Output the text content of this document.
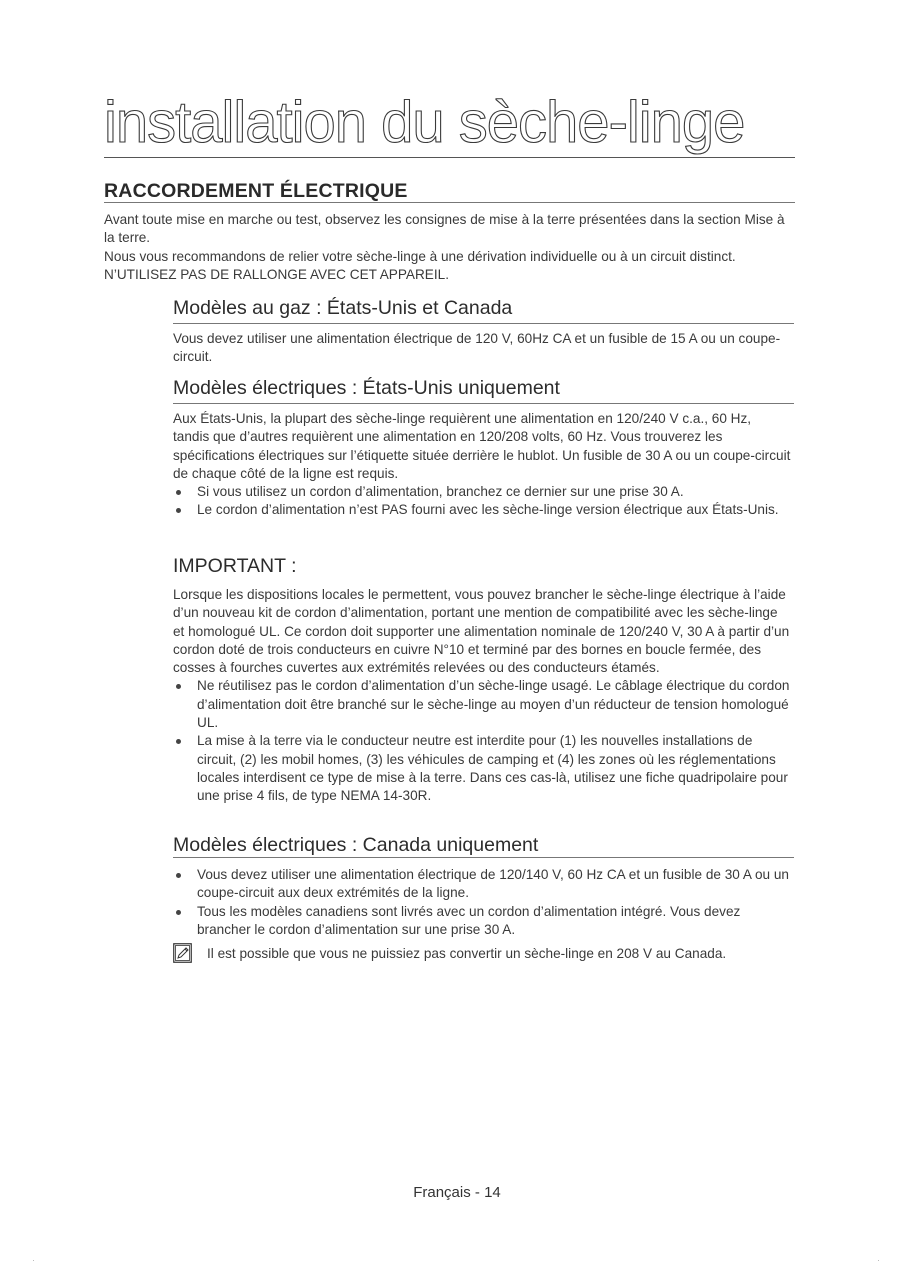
installation du sèche-linge
RACCORDEMENT ÉLECTRIQUE

Avant toute mise en marche ou test, observez les consignes de mise à la terre présentées dans la section Mise à la terre.

Nous vous recommandons de relier votre sèche-linge à une dérivation individuelle ou à un circuit distinct.

N’UTILISEZ PAS DE RALLONGE AVEC CET APPAREIL.

Modèles au gaz : États-Unis et Canada

Vous devez utiliser une alimentation électrique de 120 V, 60Hz CA et un fusible de 15 A ou un coupe-circuit.

Modèles électriques : États-Unis uniquement

Aux États-Unis, la plupart des sèche-linge requièrent une alimentation en 120/240 V c.a., 60 Hz, tandis que d’autres requièrent une alimentation en 120/208 volts, 60 Hz. Vous trouverez les spécifications électriques sur l’étiquette située derrière le hublot. Un fusible de 30 A ou un coupe-circuit de chaque côté de la ligne est requis.

Si vous utilisez un cordon d’alimentation, branchez ce dernier sur une prise 30 A.
Le cordon d’alimentation n’est PAS fourni avec les sèche-linge version électrique aux États-Unis.
IMPORTANT :

Lorsque les dispositions locales le permettent, vous pouvez brancher le sèche-linge électrique à l’aide d’un nouveau kit de cordon d’alimentation, portant une mention de compatibilité avec les sèche-linge et homologué UL. Ce cordon doit supporter une alimentation nominale de 120/240 V, 30 A à partir d’un cordon doté de trois conducteurs en cuivre N°10 et terminé par des bornes en boucle fermée, des cosses à fourches cuvertes aux extrémités relevées ou des conducteurs étamés.

Ne réutilisez pas le cordon d’alimentation d’un sèche-linge usagé. Le câblage électrique du cordon d’alimentation doit être branché sur le sèche-linge au moyen d’un réducteur de tension homologué UL.
La mise à la terre via le conducteur neutre est interdite pour (1) les nouvelles installations de circuit, (2) les mobil homes, (3) les véhicules de camping et (4) les zones où les réglementations locales interdisent ce type de mise à la terre. Dans ces cas-là, utilisez une fiche quadripolaire pour une prise 4 fils, de type NEMA 14-30R.
Modèles électriques : Canada uniquement
Vous devez utiliser une alimentation électrique de 120/140 V, 60 Hz CA et un fusible de 30 A ou un coupe-circuit aux deux extrémités de la ligne.
Tous les modèles canadiens sont livrés avec un cordon d’alimentation intégré. Vous devez brancher le cordon d’alimentation sur une prise 30 A.

Il est possible que vous ne puissiez pas convertir un sèche-linge en 208 V au Canada.

Français - 14
